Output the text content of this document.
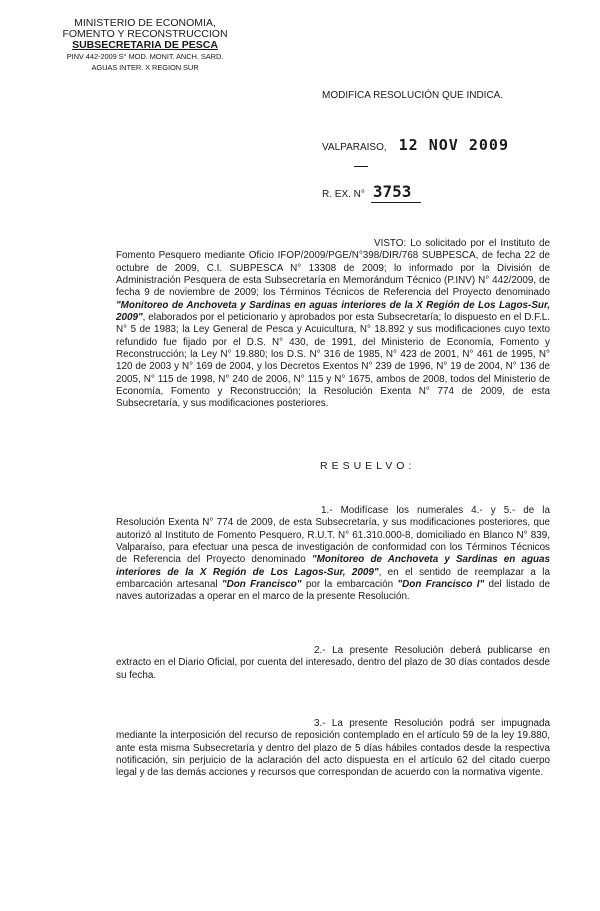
MINISTERIO DE ECONOMIA,
FOMENTO Y RECONSTRUCCION
SUBSECRETARIA DE PESCA
PINV 442-2009 S° MOD. MONIT. ANCH. SARD.
AGUAS INTER. X REGION SUR
MODIFICA RESOLUCIÓN QUE INDICA.
VALPARAISO, 12 NOV 2009
R. EX. N° 3753
VISTO: Lo solicitado por el Instituto de Fomento Pesquero mediante Oficio IFOP/2009/PGE/N°398/DIR/768 SUBPESCA, de fecha 22 de octubre de 2009, C.I. SUBPESCA N° 13308 de 2009; lo informado por la División de Administración Pesquera de esta Subsecretaría en Memorándum Técnico (P.INV) N° 442/2009, de fecha 9 de noviembre de 2009; los Términos Técnicos de Referencia del Proyecto denominado "Monitoreo de Anchoveta y Sardinas en aguas interiores de la X Región de Los Lagos-Sur, 2009", elaborados por el peticionario y aprobados por esta Subsecretaría; lo dispuesto en el D.F.L. N° 5 de 1983; la Ley General de Pesca y Acuicultura, N° 18.892 y sus modificaciones cuyo texto refundido fue fijado por el D.S. N° 430, de 1991, del Ministerio de Economía, Fomento y Reconstrucción; la Ley N° 19.880; los D.S. N° 316 de 1985, N° 423 de 2001, N° 461 de 1995, N° 120 de 2003 y N° 169 de 2004, y los Decretos Exentos N° 239 de 1996, N° 19 de 2004, N° 136 de 2005, N° 115 de 1998, N° 240 de 2006, N° 115 y N° 1675, ambos de 2008, todos del Ministerio de Economía, Fomento y Reconstrucción; la Resolución Exenta N° 774 de 2009, de esta Subsecretaría, y sus modificaciones posteriores.
RESUELVO:
1.- Modifícase los numerales 4.- y 5.- de la Resolución Exenta N° 774 de 2009, de esta Subsecretaría, y sus modificaciones posteriores, que autorizó al Instituto de Fomento Pesquero, R.U.T. N° 61.310.000-8, domiciliado en Blanco N° 839, Valparaíso, para efectuar una pesca de investigación de conformidad con los Términos Técnicos de Referencia del Proyecto denominado "Monitoreo de Anchoveta y Sardinas en aguas interiores de la X Región de Los Lagos-Sur, 2009", en el sentido de reemplazar a la embarcación artesanal "Don Francisco" por la embarcación "Don Francisco I" del listado de naves autorizadas a operar en el marco de la presente Resolución.
2.- La presente Resolución deberá publicarse en extracto en el Diario Oficial, por cuenta del interesado, dentro del plazo de 30 días contados desde su fecha.
3.- La presente Resolución podrá ser impugnada mediante la interposición del recurso de reposición contemplado en el artículo 59 de la ley 19.880, ante esta misma Subsecretaría y dentro del plazo de 5 días hábiles contados desde la respectiva notificación, sin perjuicio de la aclaración del acto dispuesta en el artículo 62 del citado cuerpo legal y de las demás acciones y recursos que correspondan de acuerdo con la normativa vigente.
